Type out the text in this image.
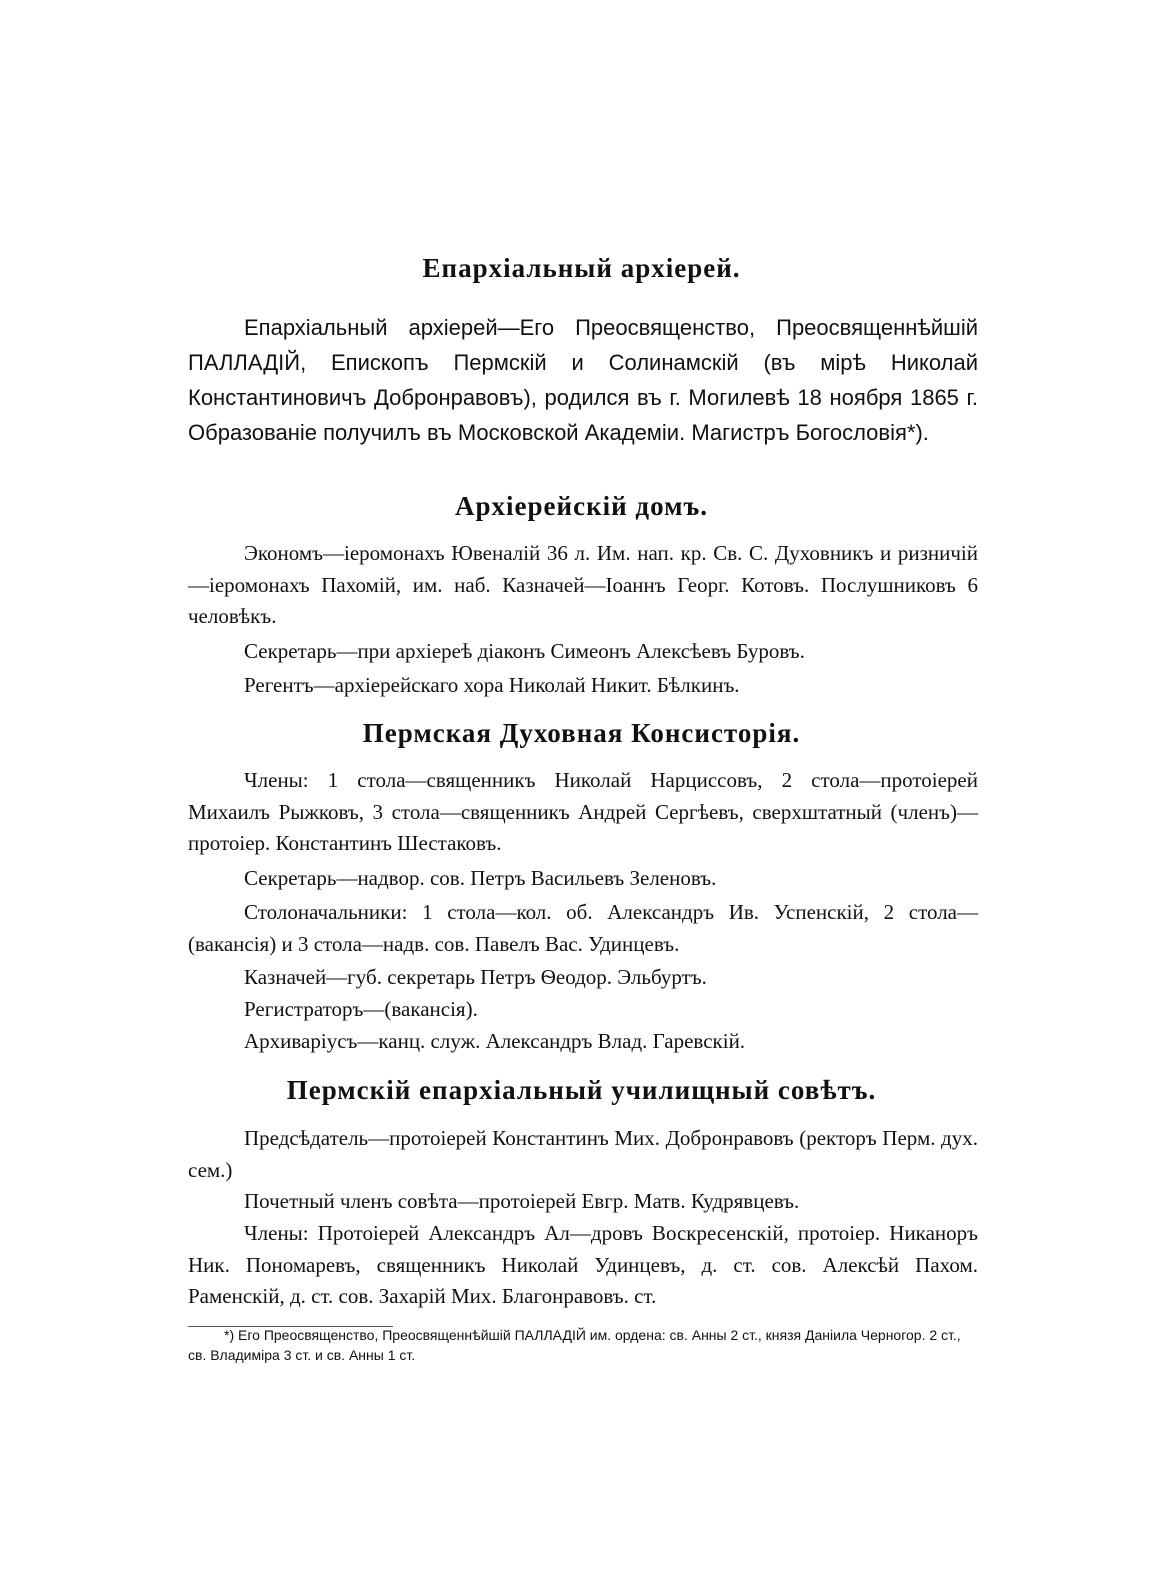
Епархіальный архіерей.

Епархіальный архіерей—Его Преосвященство, Преосвященнѣйшій ПАЛЛАДІЙ, Епископъ Пермскій и Солинамскій (въ мірѣ Николай Константиновичъ Добронравовъ), родился въ г. Могилевѣ 18 ноября 1865 г. Образованіе получилъ въ Московской Академіи. Магистръ Богословія*).

Архіерейскій домъ.

Экономъ—іеромонахъ Ювеналій 36 л. Им. нап. кр. Св. С. Духовникъ и ризничій—іеромонахъ Пахомій, им. наб. Казначей—Іоаннъ Георг. Котовъ. Послушниковъ 6 человѣкъ.

Секретарь—при архіереѣ діаконъ Симеонъ Алексѣевъ Буровъ.

Регентъ—архіерейскаго хора Николай Никит. Бѣлкинъ.

Пермская Духовная Консисторія.

Члены: 1 стола—священникъ Николай Нарциссовъ, 2 стола—протоіерей Михаилъ Рыжковъ, 3 стола—священникъ Андрей Сергѣевъ, сверхштатный (членъ)—протоіер. Константинъ Шестаковъ.

Секретарь—надвор. сов. Петръ Васильевъ Зеленовъ.

Столоначальники: 1 стола—кол. об. Александръ Ив. Успенскій, 2 стола—(вакансія) и 3 стола—надв. сов. Павелъ Вас. Удинцевъ.

Казначей—губ. секретарь Петръ Ѳеодор. Эльбуртъ.

Регистраторъ—(вакансія).

Архиваріусъ—канц. служ. Александръ Влад. Гаревскій.

Пермскій епархіальный училищный совѣтъ.

Предсѣдатель—протоіерей Константинъ Мих. Добронравовъ (ректоръ Перм. дух. сем.)

Почетный членъ совѣта—протоіерей Евгр. Матв. Кудрявцевъ.

Члены: Протоіерей Александръ Ал—дровъ Воскресенскій, протоіер. Никаноръ Ник. Пономаревъ, священникъ Николай Удинцевъ, д. ст. сов. Алексѣй Пахом. Раменскій, д. ст. сов. Захарій Мих. Благонравовъ. ст.

*) Его Преосвященство, Преосвященнѣйшій ПАЛЛАДІЙ им. ордена: св. Анны 2 ст., князя Даніила Черногор. 2 ст., св. Владиміра 3 ст. и св. Анны 1 ст.
